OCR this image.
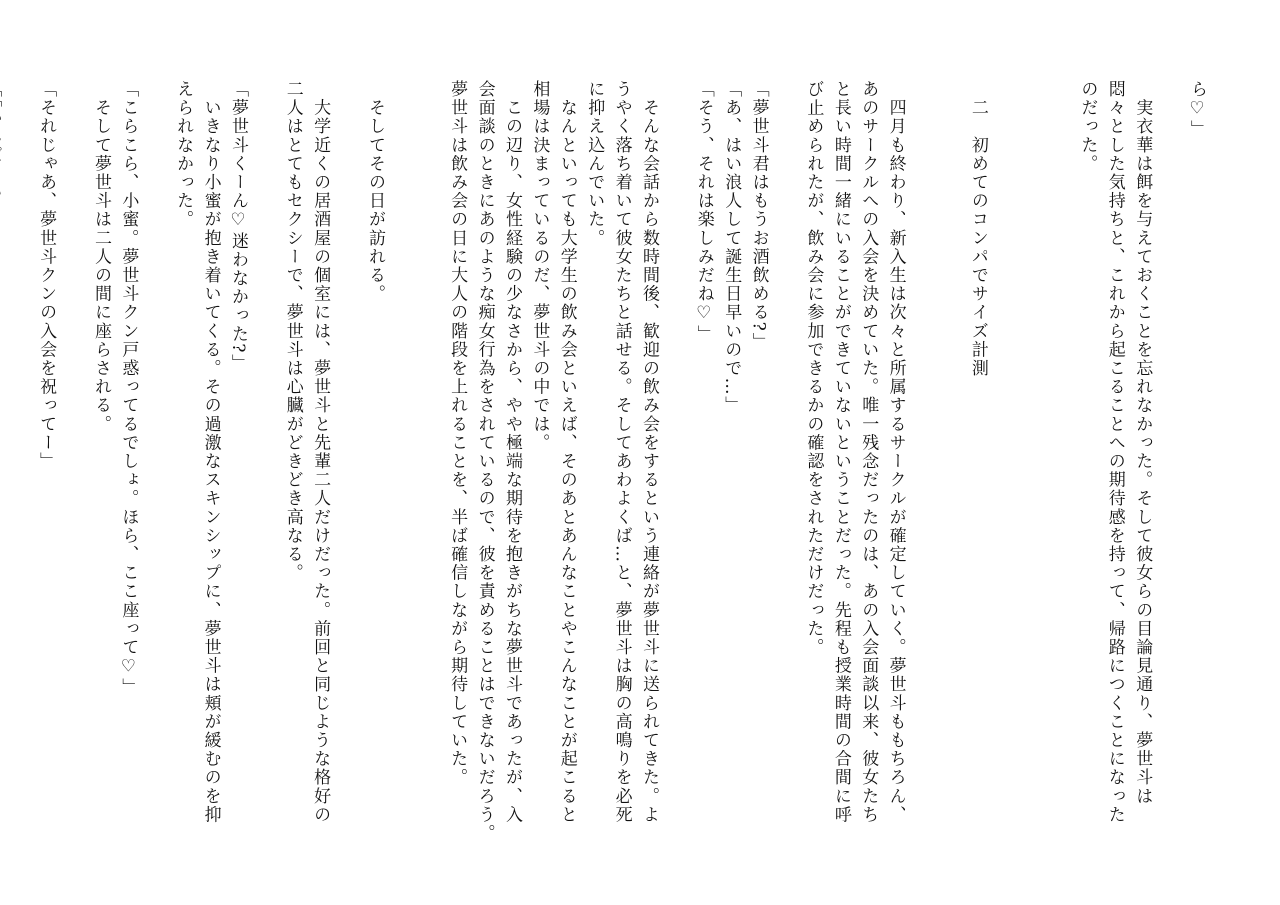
ら♡」
　実衣華は餌を与えておくことを忘れなかった。そして彼女らの目論見通り、夢世斗は
悶々とした気持ちと、これから起こることへの期待感を持って、帰路につくことになった
のだった。
　二　初めてのコンパでサイズ計測
　四月も終わり、新入生は次々と所属するサークルが確定していく。夢世斗ももちろん、
あのサークルへの入会を決めていた。唯一残念だったのは、あの入会面談以来、彼女たち
と長い時間一緒にいることができていないということだった。先程も授業時間の合間に呼
び止められたが、飲み会に参加できるかの確認をされただけだった。
「夢世斗君はもうお酒飲める?」
「あ、はい浪人して誕生日早いので…」
「そう、それは楽しみだね♡」
　そんな会話から数時間後、歓迎の飲み会をするという連絡が夢世斗に送られてきた。よ
うやく落ち着いて彼女たちと話せる。そしてあわよくば…と、夢世斗は胸の高鳴りを必死
に抑え込んでいた。
　なんといっても大学生の飲み会といえば、そのあとあんなことやこんなことが起こると
相場は決まっているのだ、夢世斗の中では。
　この辺り、女性経験の少なさから、やや極端な期待を抱きがちな夢世斗であったが、入
会面談のときにあのような痴女行為をされているので、彼を責めることはできないだろう。
夢世斗は飲み会の日に大人の階段を上れることを、半ば確信しながら期待していた。
　そしてその日が訪れる。
　大学近くの居酒屋の個室には、夢世斗と先輩二人だけだった。前回と同じような格好の
二人はとてもセクシーで、夢世斗は心臓がどきどき高なる。
「夢世斗くーん♡迷わなかった?」
　いきなり小蜜が抱き着いてくる。その過激なスキンシップに、夢世斗は頬が緩むのを抑
えられなかった。
「こらこら、小蜜。夢世斗クン戸惑ってるでしょ。ほら、ここ座って♡」
　そして夢世斗は二人の間に座らされる。
「それじゃあ、夢世斗クンの入会を祝ってー」
